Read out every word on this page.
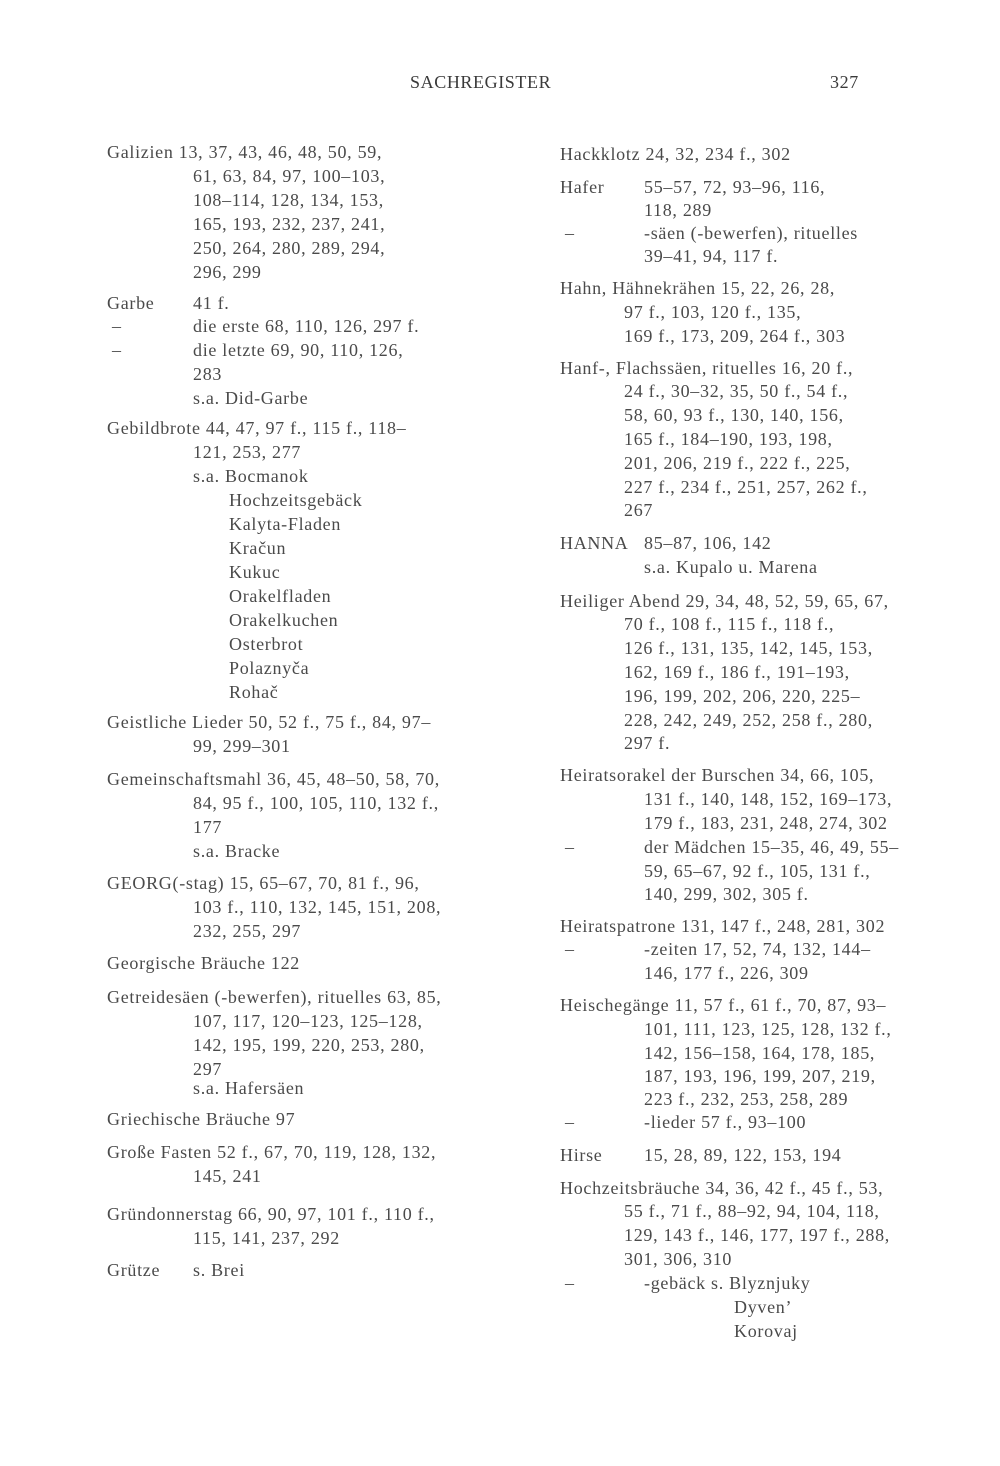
SACHREGISTER	327
Galizien 13, 37, 43, 46, 48, 50, 59,
61, 63, 84, 97, 100–103,
108–114, 128, 134, 153,
165, 193, 232, 237, 241,
250, 264, 280, 289, 294,
296, 299
Garbe 41 f.
–	die erste 68, 110, 126, 297 f.
–	die letzte 69, 90, 110, 126,
283
s.a. Did-Garbe
Gebildbrote 44, 47, 97 f., 115 f., 118–
121, 253, 277
s.a. Bocmanok
Hochzeitsgebäck
Kalyta-Fladen
Kračun
Kukuc
Orakelfladen
Orakelkuchen
Osterbrot
Polaznyča
Rohač
Geistliche Lieder 50, 52 f., 75 f., 84, 97–
99, 299–301
Gemeinschaftsmahl 36, 45, 48–50, 58, 70,
84, 95 f., 100, 105, 110, 132 f.,
177
s.a. Bracke
GEORG(-stag) 15, 65–67, 70, 81 f., 96,
103 f., 110, 132, 145, 151, 208,
232, 255, 297
Georgische Bräuche 122
Getreidesäen (-bewerfen), rituelles 63, 85,
107, 117, 120–123, 125–128,
142, 195, 199, 220, 253, 280,
297
s.a. Hafersäen
Griechische Bräuche 97
Große Fasten 52 f., 67, 70, 119, 128, 132,
145, 241
Gründonnerstag 66, 90, 97, 101 f., 110 f.,
115, 141, 237, 292
Grütze s. Brei
Hackklotz 24, 32, 234 f., 302
Hafer 55–57, 72, 93–96, 116,
118, 289
–	-säen (-bewerfen), rituelles
39–41, 94, 117 f.
Hahn, Hähnekrähen 15, 22, 26, 28,
97 f., 103, 120 f., 135,
169 f., 173, 209, 264 f., 303
Hanf-, Flachssäen, rituelles 16, 20 f.,
24 f., 30–32, 35, 50 f., 54 f.,
58, 60, 93 f., 130, 140, 156,
165 f., 184–190, 193, 198,
201, 206, 219 f., 222 f., 225,
227 f., 234 f., 251, 257, 262 f.,
267
HANNA 85–87, 106, 142
s.a. Kupalo u. Marena
Heiliger Abend 29, 34, 48, 52, 59, 65, 67,
70 f., 108 f., 115 f., 118 f.,
126 f., 131, 135, 142, 145, 153,
162, 169 f., 186 f., 191–193,
196, 199, 202, 206, 220, 225–
228, 242, 249, 252, 258 f., 280,
297 f.
Heiratsorakel der Burschen 34, 66, 105,
131 f., 140, 148, 152, 169–173,
179 f., 183, 231, 248, 274, 302
–	der Mädchen 15–35, 46, 49, 55–
59, 65–67, 92 f., 105, 131 f.,
140, 299, 302, 305 f.
Heiratspatrone 131, 147 f., 248, 281, 302
–	-zeiten 17, 52, 74, 132, 144–
146, 177 f., 226, 309
Heischegänge 11, 57 f., 61 f., 70, 87, 93–
101, 111, 123, 125, 128, 132 f.,
142, 156–158, 164, 178, 185,
187, 193, 196, 199, 207, 219,
223 f., 232, 253, 258, 289
–	-lieder 57 f., 93–100
Hirse 15, 28, 89, 122, 153, 194
Hochzeitsbräuche 34, 36, 42 f., 45 f., 53,
55 f., 71 f., 88–92, 94, 104, 118,
129, 143 f., 146, 177, 197 f., 288,
301, 306, 310
–	-gebäck s. Blyznjuky
Dyven’
Korovaj
